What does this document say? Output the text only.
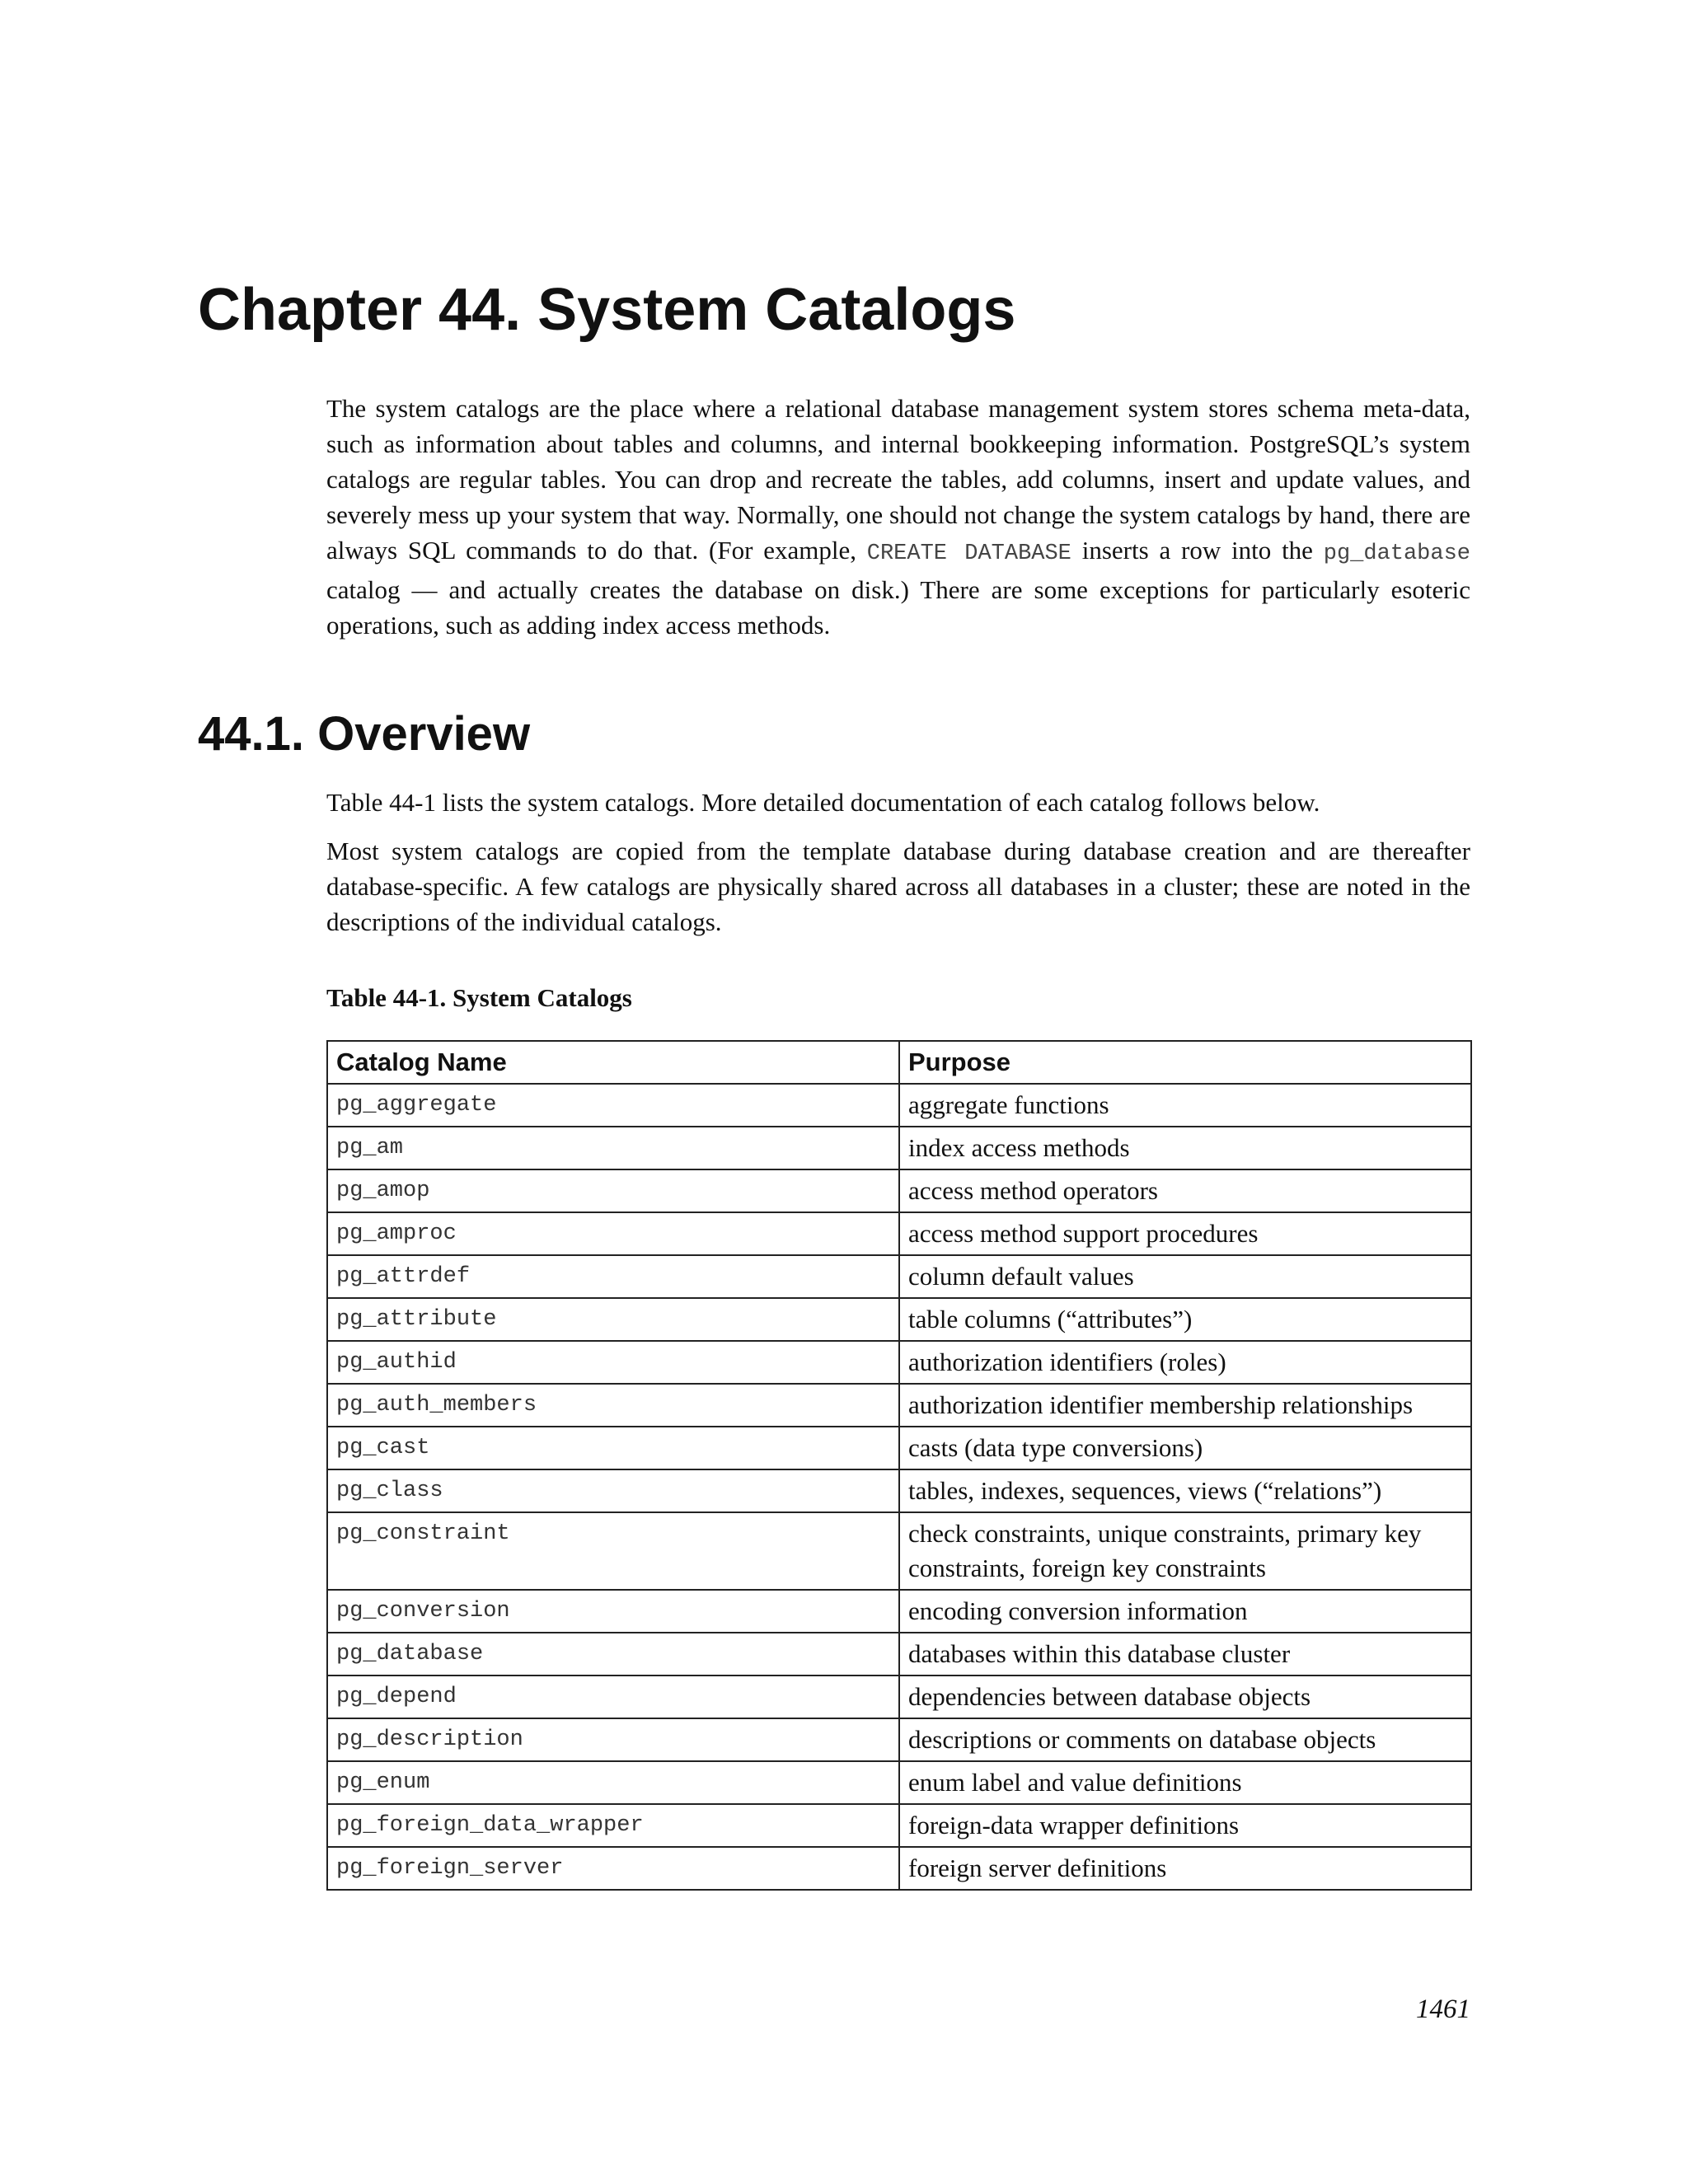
Chapter 44. System Catalogs

The system catalogs are the place where a relational database management system stores schema meta-data, such as information about tables and columns, and internal bookkeeping information. PostgreSQL’s system catalogs are regular tables. You can drop and recreate the tables, add columns, insert and update values, and severely mess up your system that way. Normally, one should not change the system catalogs by hand, there are always SQL commands to do that. (For example, CREATE DATABASE inserts a row into the pg_database catalog — and actually creates the database on disk.) There are some exceptions for particularly esoteric operations, such as adding index access methods.

44.1. Overview

Table 44-1 lists the system catalogs. More detailed documentation of each catalog follows below.

Most system catalogs are copied from the template database during database creation and are thereafter database-specific. A few catalogs are physically shared across all databases in a cluster; these are noted in the descriptions of the individual catalogs.

Table 44-1. System Catalogs

Catalog Name	Purpose
pg_aggregate	aggregate functions
pg_am	index access methods
pg_amop	access method operators
pg_amproc	access method support procedures
pg_attrdef	column default values
pg_attribute	table columns (“attributes”)
pg_authid	authorization identifiers (roles)
pg_auth_members	authorization identifier membership relationships
pg_cast	casts (data type conversions)
pg_class	tables, indexes, sequences, views (“relations”)
pg_constraint	check constraints, unique constraints, primary key constraints, foreign key constraints
pg_conversion	encoding conversion information
pg_database	databases within this database cluster
pg_depend	dependencies between database objects
pg_description	descriptions or comments on database objects
pg_enum	enum label and value definitions
pg_foreign_data_wrapper	foreign-data wrapper definitions
pg_foreign_server	foreign server definitions

1461
